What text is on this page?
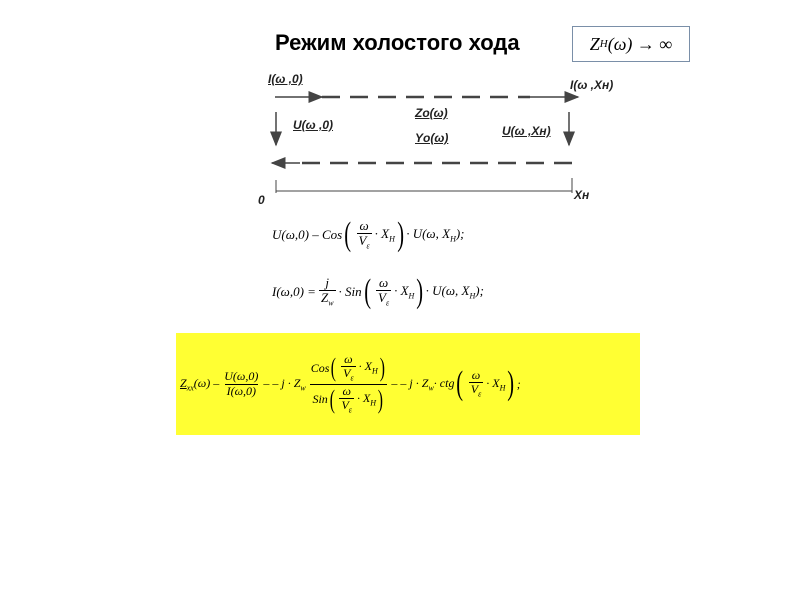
Режим холостого хода	Z Н (ω) → ∞
I(ω ,0)	I(ω ,Xн)
U(ω ,0)	U(ω ,Xн)
Zо(ω)
Yо(ω)
0	Xн
U(ω,0) – Cos ( $\frac{\omega}{V_\varepsilon} \cdot X_H$ ) · U(ω, $X_H$);
$I(\omega,0) = \frac{j}{Z_w}$ · Sin ( $\frac{\omega}{V_\varepsilon} \cdot X_H$ ) · U(ω, $X_H$);
$Z_{xx}(\omega) - \frac{U(\omega,0)}{I(\omega,0)}$ – – $j \cdot Z_w \frac{Cos ( \frac{\omega}{V_\varepsilon} \cdot X_H )}{Sin ( \frac{\omega}{V_\varepsilon} \cdot X_H )}$ – – $j \cdot Z_w\cdot$ ctg ( $\frac{\omega}{V_\varepsilon} \cdot X_H$ ) ;
